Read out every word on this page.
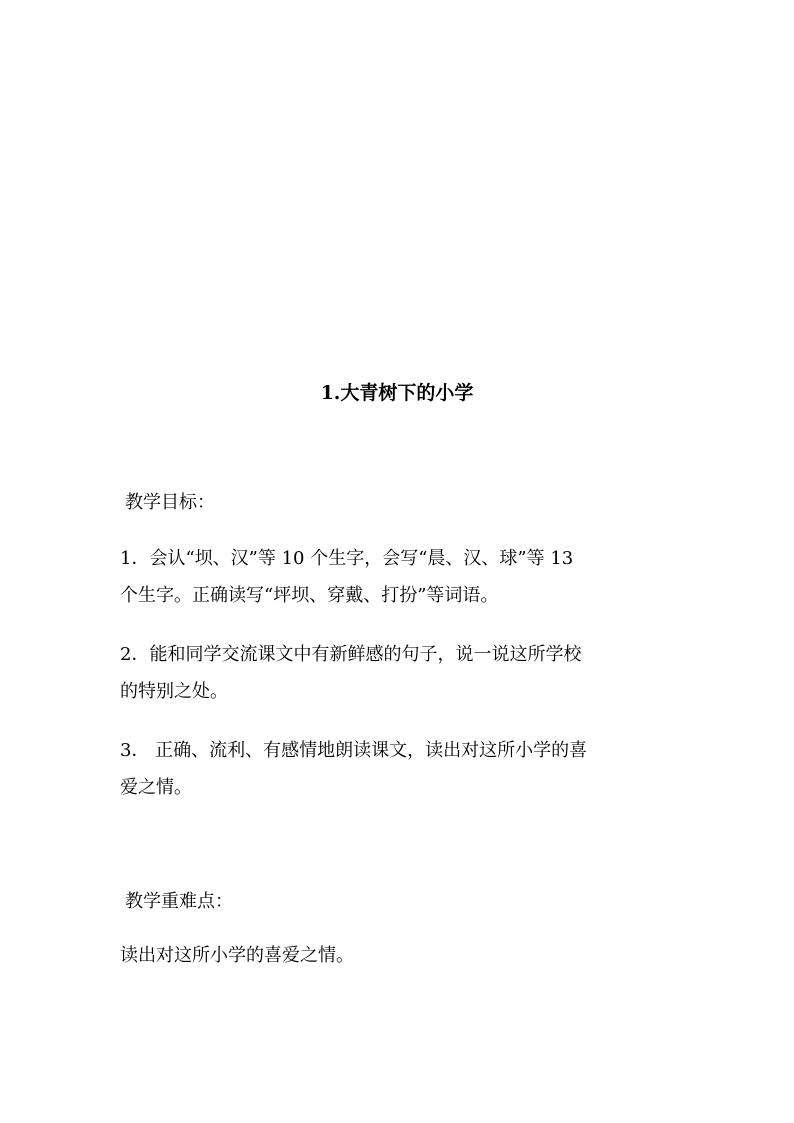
1.大青树下的小学
教学目标：
1．会认“坝、汉”等 10 个生字，会写“晨、汉、球”等 13
个生字。正确读写“坪坝、穿戴、打扮”等词语。
2．能和同学交流课文中有新鲜感的句子，说一说这所学校
的特别之处。
3． 正确、流利、有感情地朗读课文，读出对这所小学的喜
爱之情。
教学重难点：
读出对这所小学的喜爱之情。
